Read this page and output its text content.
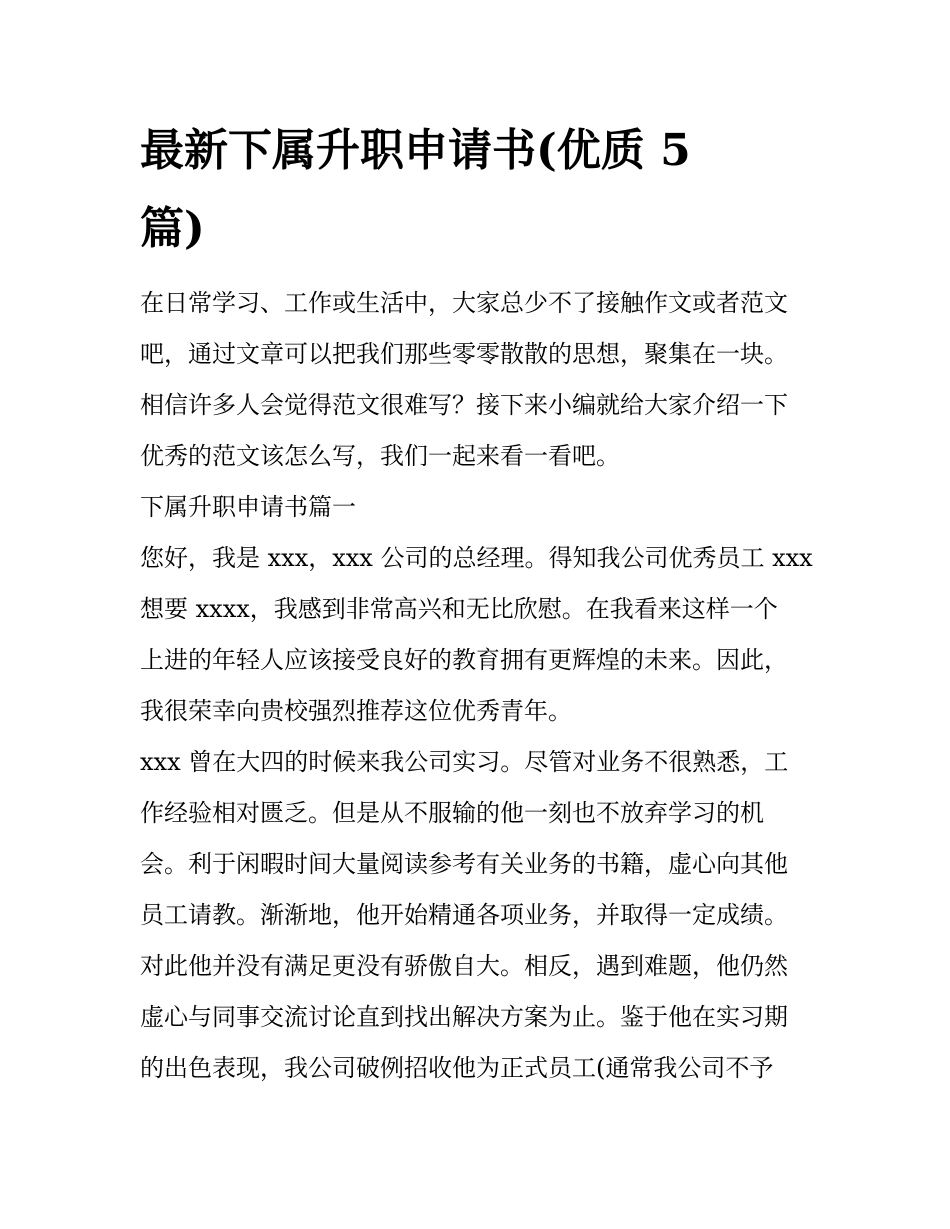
最新下属升职申请书(优质 5
篇)
在日常学习、工作或生活中，大家总少不了接触作文或者范文
吧，通过文章可以把我们那些零零散散的思想，聚集在一块。
相信许多人会觉得范文很难写？接下来小编就给大家介绍一下
优秀的范文该怎么写，我们一起来看一看吧。
下属升职申请书篇一
您好，我是 xxx，xxx 公司的总经理。得知我公司优秀员工 xxx
想要 xxxx，我感到非常高兴和无比欣慰。在我看来这样一个
上进的年轻人应该接受良好的教育拥有更辉煌的未来。因此，
我很荣幸向贵校强烈推荐这位优秀青年。
xxx 曾在大四的时候来我公司实习。尽管对业务不很熟悉，工
作经验相对匮乏。但是从不服输的他一刻也不放弃学习的机
会。利于闲暇时间大量阅读参考有关业务的书籍，虚心向其他
员工请教。渐渐地，他开始精通各项业务，并取得一定成绩。
对此他并没有满足更没有骄傲自大。相反，遇到难题，他仍然
虚心与同事交流讨论直到找出解决方案为止。鉴于他在实习期
的出色表现，我公司破例招收他为正式员工(通常我公司不予
